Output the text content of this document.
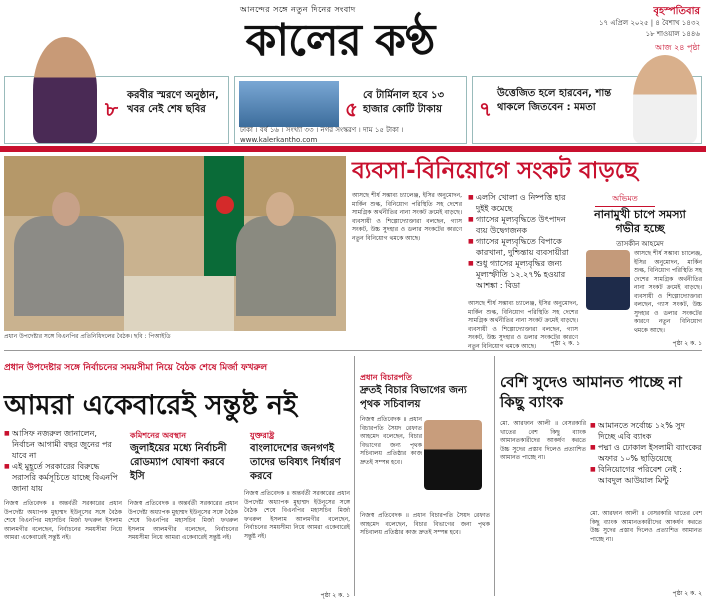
আনন্দের সঙ্গে নতুন দিনের সংবাদ
কালের কণ্ঠ
বৃহস্পতিবার
১৭ এপ্রিল ২০২৫ | ৪ বৈশাখ ১৪৩২
১৮ শাওয়াল ১৪৪৬
আজ ২৪ পৃষ্ঠা
৮
করবীর স্মরণে অনুষ্ঠান, খবর নেই শেষ ছবির	৫
বে টার্মিনাল হবে ১৩ হাজার কোটি টাকায়	৭
উত্তেজিত হলে হারবেন, শান্ত থাকলে জিতবেন : মমতা
ঢাকা । বর্ষ ১৬ । সংখ্যা ৩৩ । নগর সংস্করণ । দাম ১৫ টাকা । www.kalerkantho.com
প্রধান উপদেষ্টার সঙ্গে বিএনপির প্রতিনিধিদলের বৈঠক। ছবি : পিআইডি
ব্যবসা-বিনিয়োগে সংকট বাড়ছে
আসছে শীর্ষ সম্ভাব্য চ্যালেঞ্জ, ইসির অনুমোদন, মার্কিন শুল্ক, বিনিয়োগ পরিস্থিতি সহ দেশের সামগ্রিক অর্থনীতির নানা সংকট ক্রমেই বাড়ছে। ব্যবসায়ী ও শিল্পোদ্যোক্তারা বলছেন, গ্যাস সংকট, উচ্চ সুদহার ও ডলার সংকটের কারণে নতুন বিনিয়োগ থমকে আছে।
■ এলসি খোলা ও নিষ্পত্তি হার দুইই কমেছে
■ গ্যাসের মূল্যবৃদ্ধিতে উৎপাদন ব্যয় উদ্বেগজনক
■ গ্যাসের মূল্যবৃদ্ধিতে বিপাকে কারখানা, দুশ্চিন্তায় ব্যবসায়ীরা
■ শুধু গ্যাসের মূল্যবৃদ্ধির জন্য মূল্যস্ফীতি ১২.২৭% হওয়ার আশঙ্কা : বিডা
আসছে শীর্ষ সম্ভাব্য চ্যালেঞ্জ, ইসির অনুমোদন, মার্কিন শুল্ক, বিনিয়োগ পরিস্থিতি সহ দেশের সামগ্রিক অর্থনীতির নানা সংকট ক্রমেই বাড়ছে। ব্যবসায়ী ও শিল্পোদ্যোক্তারা বলছেন, গ্যাস সংকট, উচ্চ সুদহার ও ডলার সংকটের কারণে নতুন বিনিয়োগ থমকে আছে।	পৃষ্ঠা ২ ক. ১
অভিমত
নানামুখী চাপে সমস্যা গভীর হচ্ছে
তাসকীন আহমেদ
আসছে শীর্ষ সম্ভাব্য চ্যালেঞ্জ, ইসির অনুমোদন, মার্কিন শুল্ক, বিনিয়োগ পরিস্থিতি সহ দেশের সামগ্রিক অর্থনীতির নানা সংকট ক্রমেই বাড়ছে। ব্যবসায়ী ও শিল্পোদ্যোক্তারা বলছেন, গ্যাস সংকট, উচ্চ সুদহার ও ডলার সংকটের কারণে নতুন বিনিয়োগ থমকে আছে।
পৃষ্ঠা ২ ক. ১
প্রধান উপদেষ্টার সঙ্গে নির্বাচনের সময়সীমা নিয়ে বৈঠক শেষে মির্জা ফখরুল
আমরা একেবারেই সন্তুষ্ট নই
■ আসিফ নজরুল জানালেন, নির্বাচন আগামী বছর জুনের পর যাবে না
■ এই মুহূর্তে সরকারের বিরুদ্ধে সরাসরি কর্মসূচিতে যাচ্ছে বিএনপি জানা যায়
কমিশনের অবস্থান
জুলাইয়ের মধ্যে নির্বাচনী রোডম্যাপ ঘোষণা করবে ইসি
যুক্তরাষ্ট্র
বাংলাদেশের জনগণই তাদের ভবিষ্যৎ নির্ধারণ করবে
নিজস্ব প্রতিবেদক ॥ অন্তর্বর্তী সরকারের প্রধান উপদেষ্টা অধ্যাপক মুহাম্মদ ইউনূসের সঙ্গে বৈঠক শেষে বিএনপির মহাসচিব মির্জা ফখরুল ইসলাম আলমগীর বলেছেন, নির্বাচনের সময়সীমা নিয়ে আমরা একেবারেই সন্তুষ্ট নই।
নিজস্ব প্রতিবেদক ॥ অন্তর্বর্তী সরকারের প্রধান উপদেষ্টা অধ্যাপক মুহাম্মদ ইউনূসের সঙ্গে বৈঠক শেষে বিএনপির মহাসচিব মির্জা ফখরুল ইসলাম আলমগীর বলেছেন, নির্বাচনের সময়সীমা নিয়ে আমরা একেবারেই সন্তুষ্ট নই।
নিজস্ব প্রতিবেদক ॥ অন্তর্বর্তী সরকারের প্রধান উপদেষ্টা অধ্যাপক মুহাম্মদ ইউনূসের সঙ্গে বৈঠক শেষে বিএনপির মহাসচিব মির্জা ফখরুল ইসলাম আলমগীর বলেছেন, নির্বাচনের সময়সীমা নিয়ে আমরা একেবারেই সন্তুষ্ট নই।
পৃষ্ঠা ২ ক. ১
প্রধান বিচারপতি
দ্রুতই বিচার বিভাগের জন্য পৃথক সচিবালয়
নিজস্ব প্রতিবেদক ॥ প্রধান বিচারপতি সৈয়দ রেফাত আহমেদ বলেছেন, বিচার বিভাগের জন্য পৃথক সচিবালয় প্রতিষ্ঠার কাজ দ্রুতই সম্পন্ন হবে।
নিজস্ব প্রতিবেদক ॥ প্রধান বিচারপতি সৈয়দ রেফাত আহমেদ বলেছেন, বিচার বিভাগের জন্য পৃথক সচিবালয় প্রতিষ্ঠার কাজ দ্রুতই সম্পন্ন হবে।
বেশি সুদেও আমানত পাচ্ছে না কিছু ব্যাংক
■ আমানতে সর্বোচ্চ ১২% সুদ দিচ্ছে এবি ব্যাংক
■ পদ্মা ও ঢোকাল ইসলামী ব্যাংকের অফার ১০% ছাড়িয়েছে
■ বিনিয়োগের পরিবেশ নেই : আবদুল আউয়াল মিন্টু
মো. আরফান আলী ॥ বেসরকারি খাতের বেশ কিছু ব্যাংক আমানতকারীদের আকর্ষণ করতে উচ্চ সুদের প্রস্তাব দিলেও প্রত্যাশিত আমানত পাচ্ছে না।
মো. আরফান আলী ॥ বেসরকারি খাতের বেশ কিছু ব্যাংক আমানতকারীদের আকর্ষণ করতে উচ্চ সুদের প্রস্তাব দিলেও প্রত্যাশিত আমানত পাচ্ছে না।
পৃষ্ঠা ২ ক. ২
